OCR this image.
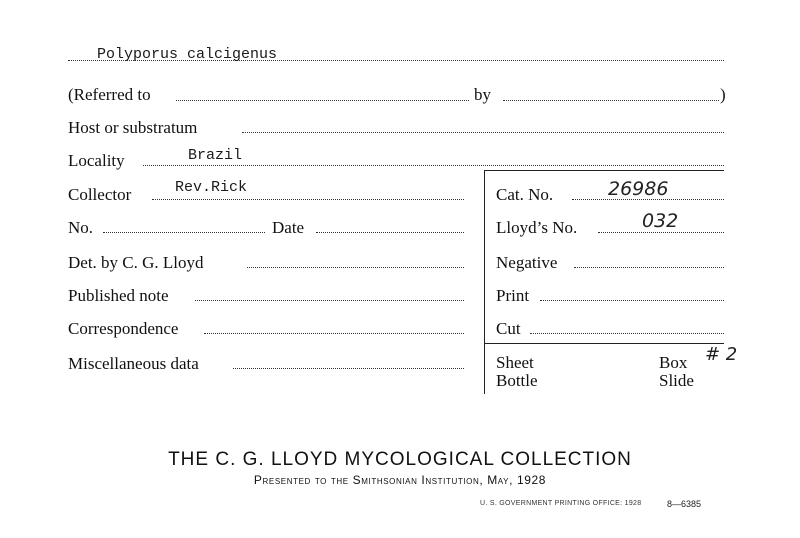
Polyporus calcigenus
(Referred to	by	)
Host or substratum
Locality	Brazil
Collector	Rev.Rick	Cat. No.	26986
No.	Date	Lloyd’s No.	032
Det. by C. G. Lloyd	Negative
Published note	Print
Correspondence	Cut
Miscellaneous data	Sheet	Box # 2
Bottle	Slide
THE C. G. LLOYD MYCOLOGICAL COLLECTION
Presented to the Smithsonian Institution, May, 1928
U. S. GOVERNMENT PRINTING OFFICE: 1928	8—6385
